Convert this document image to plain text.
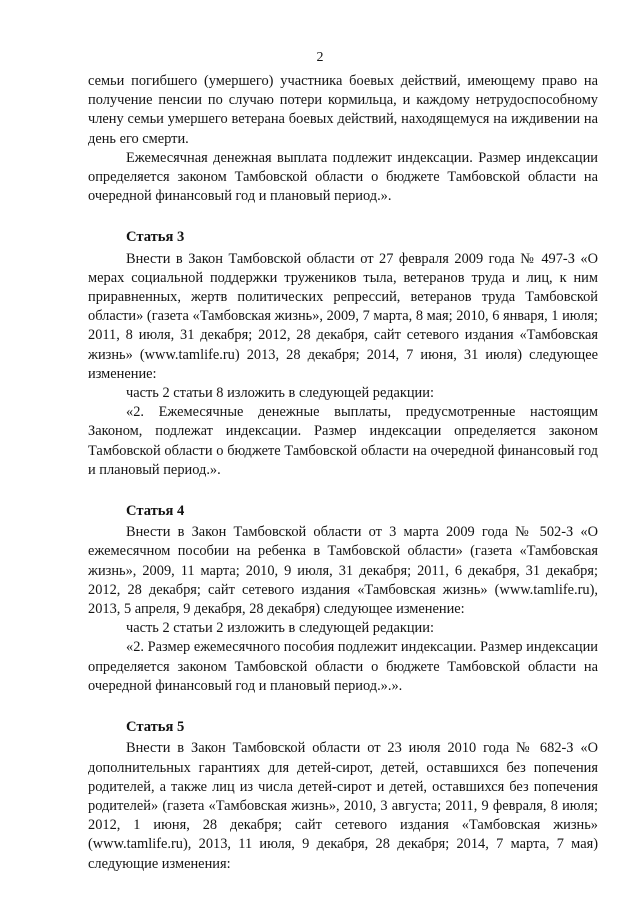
2

семьи погибшего (умершего) участника боевых действий, имеющему право на получение пенсии по случаю потери кормильца, и каждому нетрудоспособному члену семьи умершего ветерана боевых действий, находящемуся на иждивении на день его смерти.

Ежемесячная денежная выплата подлежит индексации. Размер индексации определяется законом Тамбовской области о бюджете Тамбовской области на очередной финансовый год и плановый период.».

Статья 3

Внести в Закон Тамбовской области от 27 февраля 2009 года № 497-З «О мерах социальной поддержки тружеников тыла, ветеранов труда и лиц, к ним приравненных, жертв политических репрессий, ветеранов труда Тамбовской области» (газета «Тамбовская жизнь», 2009, 7 марта, 8 мая; 2010, 6 января, 1 июля; 2011, 8 июля, 31 декабря; 2012, 28 декабря, сайт сетевого издания «Тамбовская жизнь» (www.tamlife.ru) 2013, 28 декабря; 2014, 7 июня, 31 июля) следующее изменение:

часть 2 статьи 8 изложить в следующей редакции:

«2. Ежемесячные денежные выплаты, предусмотренные настоящим Законом, подлежат индексации. Размер индексации определяется законом Тамбовской области о бюджете Тамбовской области на очередной финансовый год и плановый период.».

Статья 4

Внести в Закон Тамбовской области от 3 марта 2009 года № 502-З «О ежемесячном пособии на ребенка в Тамбовской области» (газета «Тамбовская жизнь», 2009, 11 марта; 2010, 9 июля, 31 декабря; 2011, 6 декабря, 31 декабря; 2012, 28 декабря; сайт сетевого издания «Тамбовская жизнь» (www.tamlife.ru), 2013, 5 апреля, 9 декабря, 28 декабря) следующее изменение:

часть 2 статьи 2 изложить в следующей редакции:

«2. Размер ежемесячного пособия подлежит индексации. Размер индексации определяется законом Тамбовской области о бюджете Тамбовской области на очередной финансовый год и плановый период.».».

Статья 5

Внести в Закон Тамбовской области от 23 июля 2010 года № 682-З «О дополнительных гарантиях для детей-сирот, детей, оставшихся без попечения родителей, а также лиц из числа детей-сирот и детей, оставшихся без попечения родителей» (газета «Тамбовская жизнь», 2010, 3 августа; 2011, 9 февраля, 8 июля; 2012, 1 июня, 28 декабря; сайт сетевого издания «Тамбовская жизнь» (www.tamlife.ru), 2013, 11 июля, 9 декабря, 28 декабря; 2014, 7 марта, 7 мая) следующие изменения:
